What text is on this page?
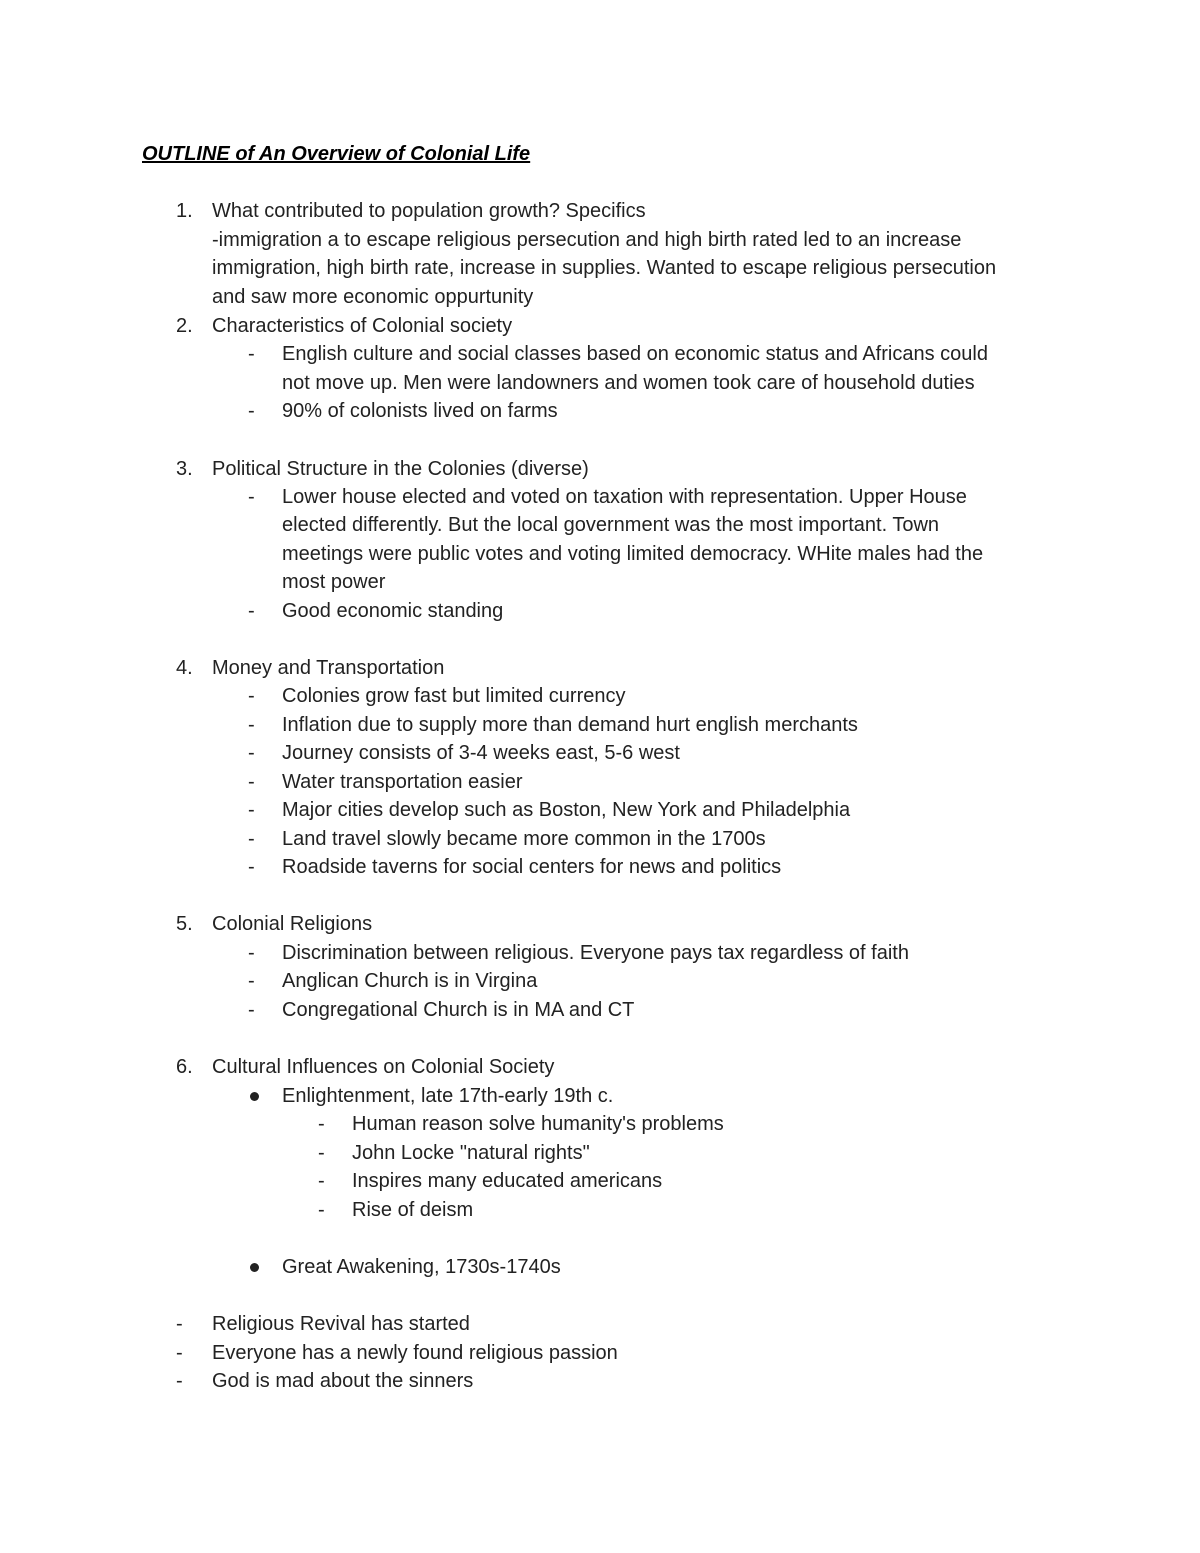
OUTLINE of An Overview of Colonial Life
1. What contributed to population growth? Specifics
-immigration a to escape religious persecution and high birth rated led to an increase
immigration, high birth rate, increase in supplies. Wanted to escape religious persecution
and saw more economic oppurtunity
2. Characteristics of Colonial society
- English culture and social classes based on economic status and Africans could
not move up. Men were landowners and women took care of household duties
- 90% of colonists lived on farms
3. Political Structure in the Colonies (diverse)
- Lower house elected and voted on taxation with representation. Upper House
elected differently. But the local government was the most important. Town
meetings were public votes and voting limited democracy. WHite males had the
most power
- Good economic standing
4. Money and Transportation
- Colonies grow fast but limited currency
- Inflation due to supply more than demand hurt english merchants
- Journey consists of 3-4 weeks east, 5-6 west
- Water transportation easier
- Major cities develop such as Boston, New York and Philadelphia
- Land travel slowly became more common in the 1700s
- Roadside taverns for social centers for news and politics
5. Colonial Religions
- Discrimination between religious. Everyone pays tax regardless of faith
- Anglican Church is in Virgina
- Congregational Church is in MA and CT
6. Cultural Influences on Colonial Society
Enlightenment, late 17th-early 19th c.
- Human reason solve humanity's problems
- John Locke "natural rights"
- Inspires many educated americans
- Rise of deism
Great Awakening, 1730s-1740s
- Religious Revival has started
- Everyone has a newly found religious passion
- God is mad about the sinners
